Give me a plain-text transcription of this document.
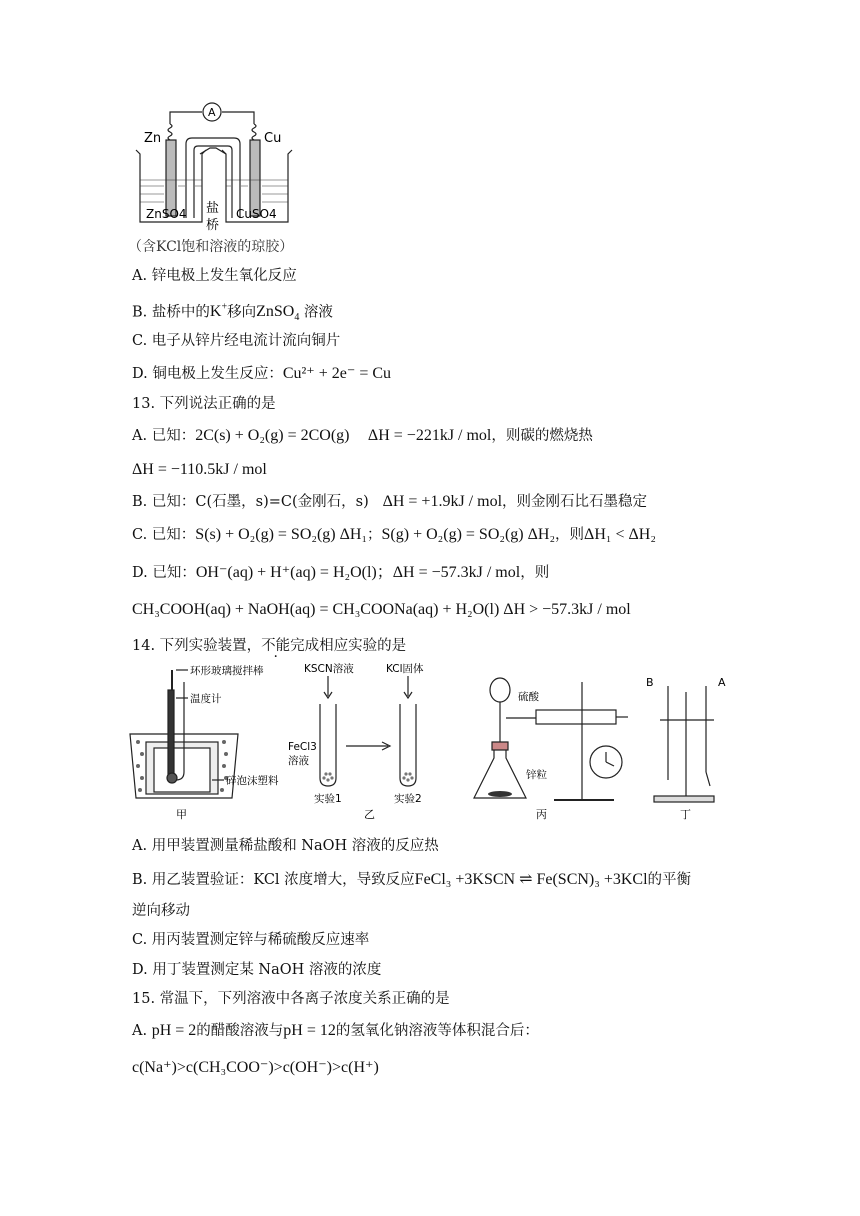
A
Zn	Cu
ZnSO4	CuSO4
盐
桥
（含KCl饱和溶液的琼胶）
A. 锌电极上发生氧化反应
B. 盐桥中的K+移向ZnSO$_4$ 溶液
C. 电子从锌片经电流计流向铜片
D. 铜电极上发生反应：Cu²⁺ + 2e⁻ = Cu
13. 下列说法正确的是
A. 已知：2C(s) + O₂(g) = 2CO(g) ΔH = −221kJ / mol，则碳的燃烧热
ΔH = −110.5kJ / mol
B. 已知：C(石墨，s)=C(金刚石，s) ΔH = +1.9kJ / mol，则金刚石比石墨稳定
C. 已知：S(s) + O₂(g) = SO₂(g) ΔH₁；S(g) + O₂(g) = SO₂(g) ΔH₂，则ΔH₁ < ΔH₂
D. 已知：OH⁻(aq) + H⁺(aq) = H₂O(l)；ΔH = −57.3kJ / mol，则
CH₃COOH(aq) + NaOH(aq) = CH₃COONa(aq) + H₂O(l) ΔH > −57.3kJ / mol
14. 下列实验装置，不能完成相应实验的是
环形玻璃搅拌棒
温度计
碎泡沫塑料
甲
KSCN溶液	KCl固体
FeCl3
溶液
实验1	实验2
乙
硫酸
锌粒
丙
B	A
丁
A. 用甲装置测量稀盐酸和 NaOH 溶液的反应热
B. 用乙装置验证：KCl 浓度增大，导致反应FeCl₃ +3KSCN ⇌ Fe(SCN)₃ +3KCl的平衡
逆向移动
C. 用丙装置测定锌与稀硫酸反应速率
D. 用丁装置测定某 NaOH 溶液的浓度
15. 常温下，下列溶液中各离子浓度关系正确的是
A. pH = 2的醋酸溶液与pH = 12的氢氧化钠溶液等体积混合后：
c(Na⁺)>c(CH₃COO⁻)>c(OH⁻)>c(H⁺)
